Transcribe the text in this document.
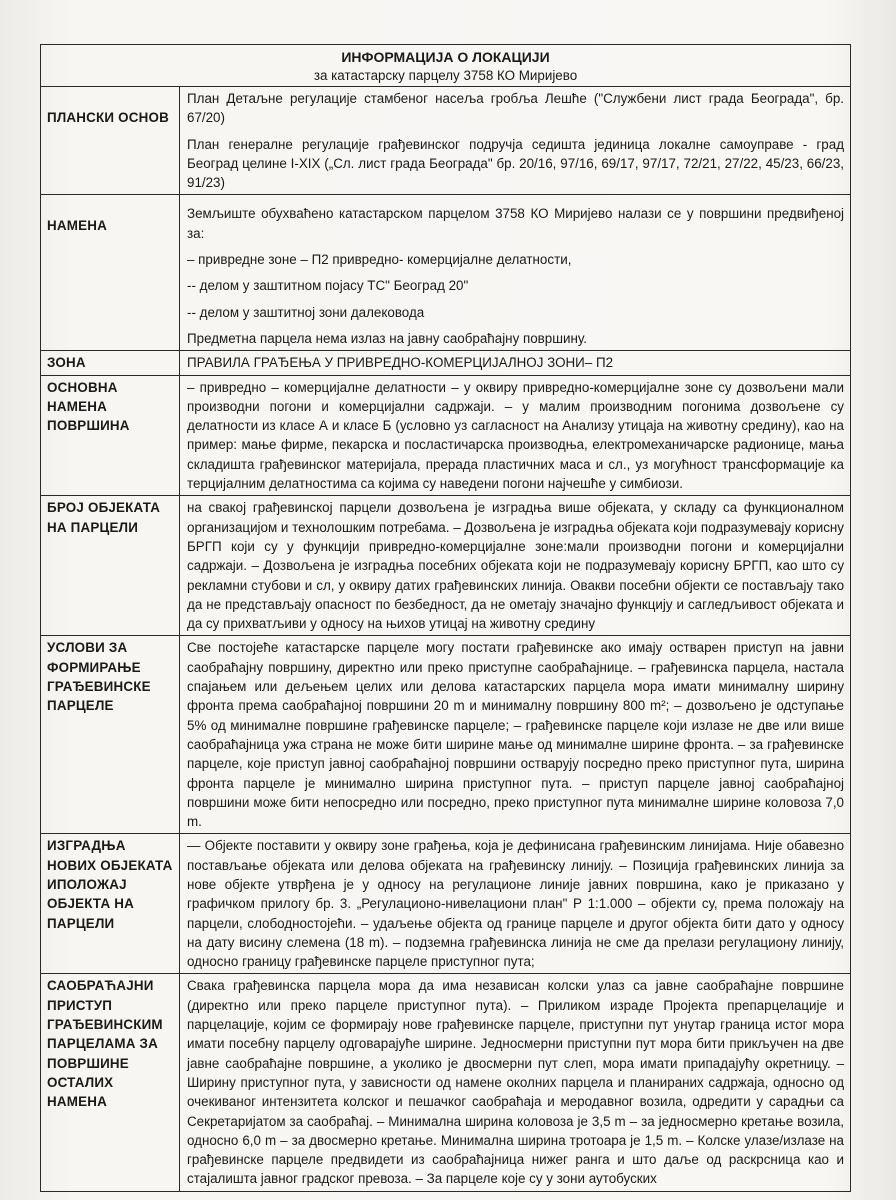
ИНФОРМАЦИЈА О ЛОКАЦИЈИ
за катастарску парцелу 3758 КО Миријево	

ПЛАНСКИ ОСНОВ	План Детаљне регулације стамбеног насеља гробља Лешће ("Службени лист града Београда", бр. 67/20)

План генералне регулације грађевинског подручја седишта јединица локалне самоуправе - град Београд целине I-XIX („Сл. лист града Београда" бр. 20/16, 97/16, 69/17, 97/17, 72/21, 27/22, 45/23, 66/23, 91/23)

НАМЕНА	Земљиште обухваћено катастарском парцелом 3758 КО Миријево налази се у површини предвиђеној за:

– привредне зоне – П2 привредно- комерцијалне делатности,

-- делом у заштитном појасу ТС" Београд 20"

-- делом у заштитној зони далековода

Предметна парцела нема излаз на јавну саобраћајну површину.

ЗОНА	ПРАВИЛА ГРАЂЕЊА У ПРИВРЕДНО-КОМЕРЦИЈАЛНОЈ ЗОНИ– П2
ОСНОВНА НАМЕНА ПОВРШИНА	– привредно – комерцијалне делатности – у оквиру привредно-комерцијалне зоне су дозвољени мали производни погони и комерцијални садржаји. – у малим производним погонима дозвољене су делатности из класе А и класе Б (условно уз сагласност на Анализу утицаја на животну средину), као на пример: мање фирме, пекарска и посластичарска производња, електромеханичарске радионице, мања складишта грађевинског материјала, прерада пластичних маса и сл., уз могућност трансформације ка терцијалним делатностима са којима су наведени погони најчешће у симбиози.
БРОЈ ОБЈЕКАТА НА ПАРЦЕЛИ	на свакој грађевинској парцели дозвољена је изградња више објеката, у складу са функционалном организацијом и технолошким потребама. – Дозвољена је изградња објеката који подразумевају корисну БРГП који су у функцији привредно-комерцијалне зоне:мали производни погони и комерцијални садржаји. – Дозвољена је изградња посебних објеката који не подразумевају корисну БРГП, као што су рекламни стубови и сл, у оквиру датих грађевинских линија. Овакви посебни објекти се постављају тако да не представљају опасност по безбедност, да не ометају значајно функцију и сагледљивост објеката и да су прихватљиви у односу на њихов утицај на животну средину
УСЛОВИ ЗА ФОРМИРАЊЕ ГРАЂЕВИНСКЕ ПАРЦЕЛЕ	Све постојеће катастарске парцеле могу постати грађевинске ако имају остварен приступ на јавни саобраћајну површину, директно или преко приступне саобраћајнице. – грађевинска парцела, настала спајањем или дељењем целих или делова катастарских парцела мора имати минималну ширину фронта према саобраћајној површини 20 m и минималну површину 800 m²; – дозвољено је одступање 5% од минималне површине грађевинске парцеле; – грађевинске парцеле који излазе не две или више саобраћајница ужа страна не може бити ширине мање од минималне ширине фронта. – за грађевинске парцеле, које приступ јавној саобраћајној површини остварују посредно преко приступног пута, ширина фронта парцеле је минимално ширина приступног пута. – приступ парцеле јавној саобраћајној површини може бити непосредно или посредно, преко приступног пута минималне ширине коловоза 7,0 m.
ИЗГРАДЊА НОВИХ ОБЈЕКАТА ИПОЛОЖАЈ ОБЈЕКТА НА ПАРЦЕЛИ	— Објекте поставити у оквиру зоне грађења, која је дефинисана грађевинским линијама. Није обавезно постављање објеката или делова објеката на грађевинску линију. – Позиција грађевинских линија за нове објекте утврђена је у односу на регулационе линије јавних површина, како је приказано у графичком прилогу бр. 3. „Регулационо-нивелациони план" Р 1:1.000 – објекти су, према положају на парцели, слободностојећи. – удаљење објекта од границе парцеле и другог објекта бити дато у односу на дату висину слемена (18 m). – подземна грађевинска линија не сме да прелази регулациону линију, односно границу грађевинске парцеле приступног пута;
САОБРАЋАЈНИ ПРИСТУП ГРАЂЕВИНСКИМ ПАРЦЕЛАМА ЗА ПОВРШИНЕ ОСТАЛИХ НАМЕНА	Свака грађевинска парцела мора да има независан колски улаз са јавне саобраћајне површине (директно или преко парцеле приступног пута). – Приликом израде Пројекта препарцелације и парцелације, којим се формирају нове грађевинске парцеле, приступни пут унутар граница истог мора имати посебну парцелу одговарајуће ширине. Једносмерни приступни пут мора бити прикључен на две јавне саобраћајне површине, а уколико је двосмерни пут слеп, мора имати припадајућу окретницу. – Ширину приступног пута, у зависности од намене околних парцела и планираних садржаја, односно од очекиваног интензитета колског и пешачког саобраћаја и меродавног возила, одредити у сарадњи са Секретаријатом за саобраћај. – Минимална ширина коловоза је 3,5 m – за једносмерно кретање возила, односно 6,0 m – за двосмерно кретање. Минимална ширина тротоара је 1,5 m. – Колске улазе/излазе на грађевинске парцеле предвидети из саобраћајница нижег ранга и што даље од раскрсница као и стајалишта јавног градског превоза. – За парцеле које су у зони аутобуских
